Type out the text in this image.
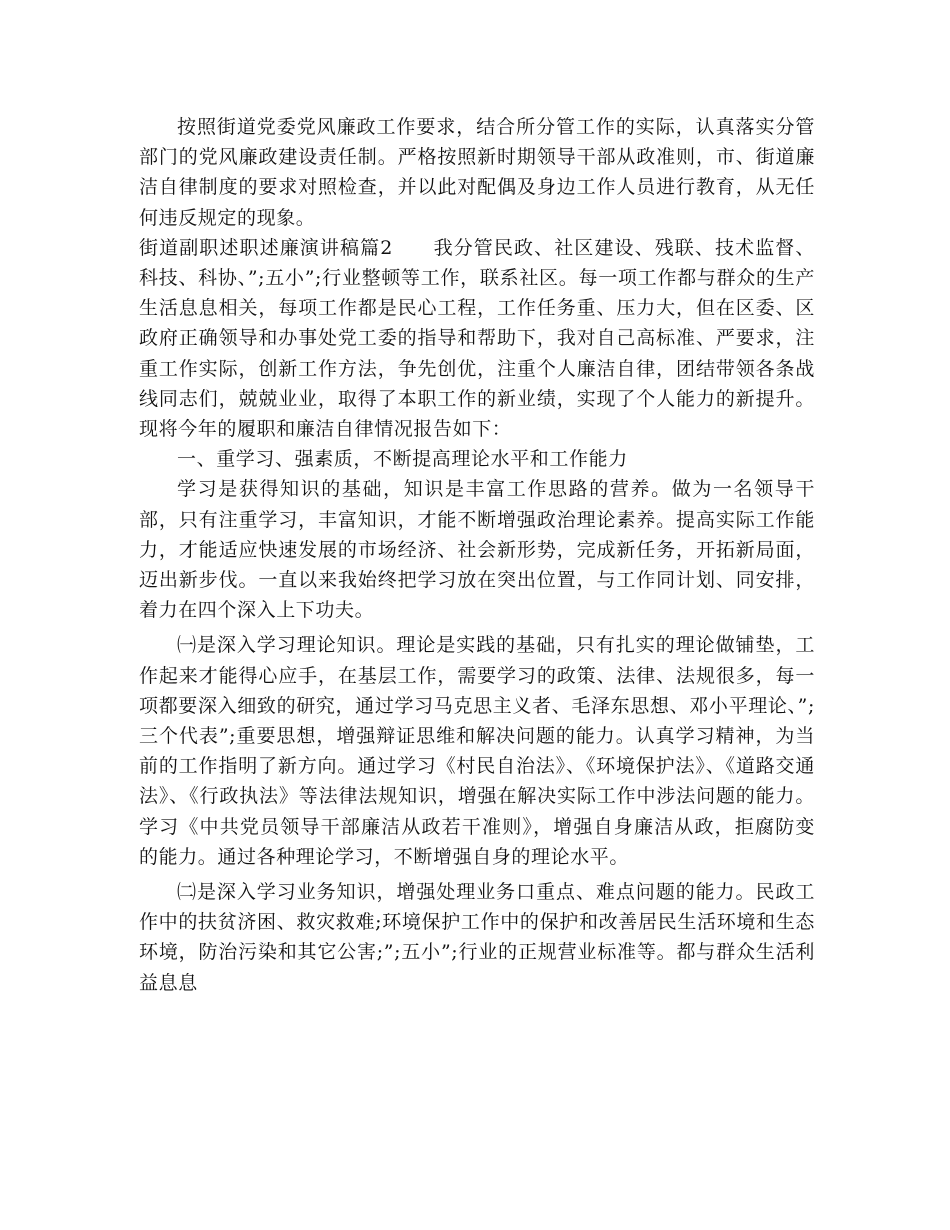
按照街道党委党风廉政工作要求，结合所分管工作的实际，认真落实分管部门的党风廉政建设责任制。严格按照新时期领导干部从政准则，市、街道廉洁自律制度的要求对照检查，并以此对配偶及身边工作人员进行教育，从无任何违反规定的现象。

街道副职述职述廉演讲稿篇2　　我分管民政、社区建设、残联、技术监督、科技、科协、”;五小”;行业整顿等工作，联系社区。每一项工作都与群众的生产生活息息相关，每项工作都是民心工程，工作任务重、压力大，但在区委、区政府正确领导和办事处党工委的指导和帮助下，我对自己高标准、严要求，注重工作实际，创新工作方法，争先创优，注重个人廉洁自律，团结带领各条战线同志们，兢兢业业，取得了本职工作的新业绩，实现了个人能力的新提升。现将今年的履职和廉洁自律情况报告如下：

一、重学习、强素质，不断提高理论水平和工作能力

学习是获得知识的基础，知识是丰富工作思路的营养。做为一名领导干部，只有注重学习，丰富知识，才能不断增强政治理论素养。提高实际工作能力，才能适应快速发展的市场经济、社会新形势，完成新任务，开拓新局面，迈出新步伐。一直以来我始终把学习放在突出位置，与工作同计划、同安排，着力在四个深入上下功夫。

㈠是深入学习理论知识。理论是实践的基础，只有扎实的理论做铺垫，工作起来才能得心应手，在基层工作，需要学习的政策、法律、法规很多，每一项都要深入细致的研究，通过学习马克思主义者、毛泽东思想、邓小平理论、”;三个代表”;重要思想，增强辩证思维和解决问题的能力。认真学习精神，为当前的工作指明了新方向。通过学习《村民自治法》、《环境保护法》、《道路交通法》、《行政执法》等法律法规知识，增强在解决实际工作中涉法问题的能力。学习《中共党员领导干部廉洁从政若干准则》，增强自身廉洁从政，拒腐防变的能力。通过各种理论学习，不断增强自身的理论水平。

㈡是深入学习业务知识，增强处理业务口重点、难点问题的能力。民政工作中的扶贫济困、救灾救难;环境保护工作中的保护和改善居民生活环境和生态环境，防治污染和其它公害;”;五小”;行业的正规营业标准等。都与群众生活利益息息
